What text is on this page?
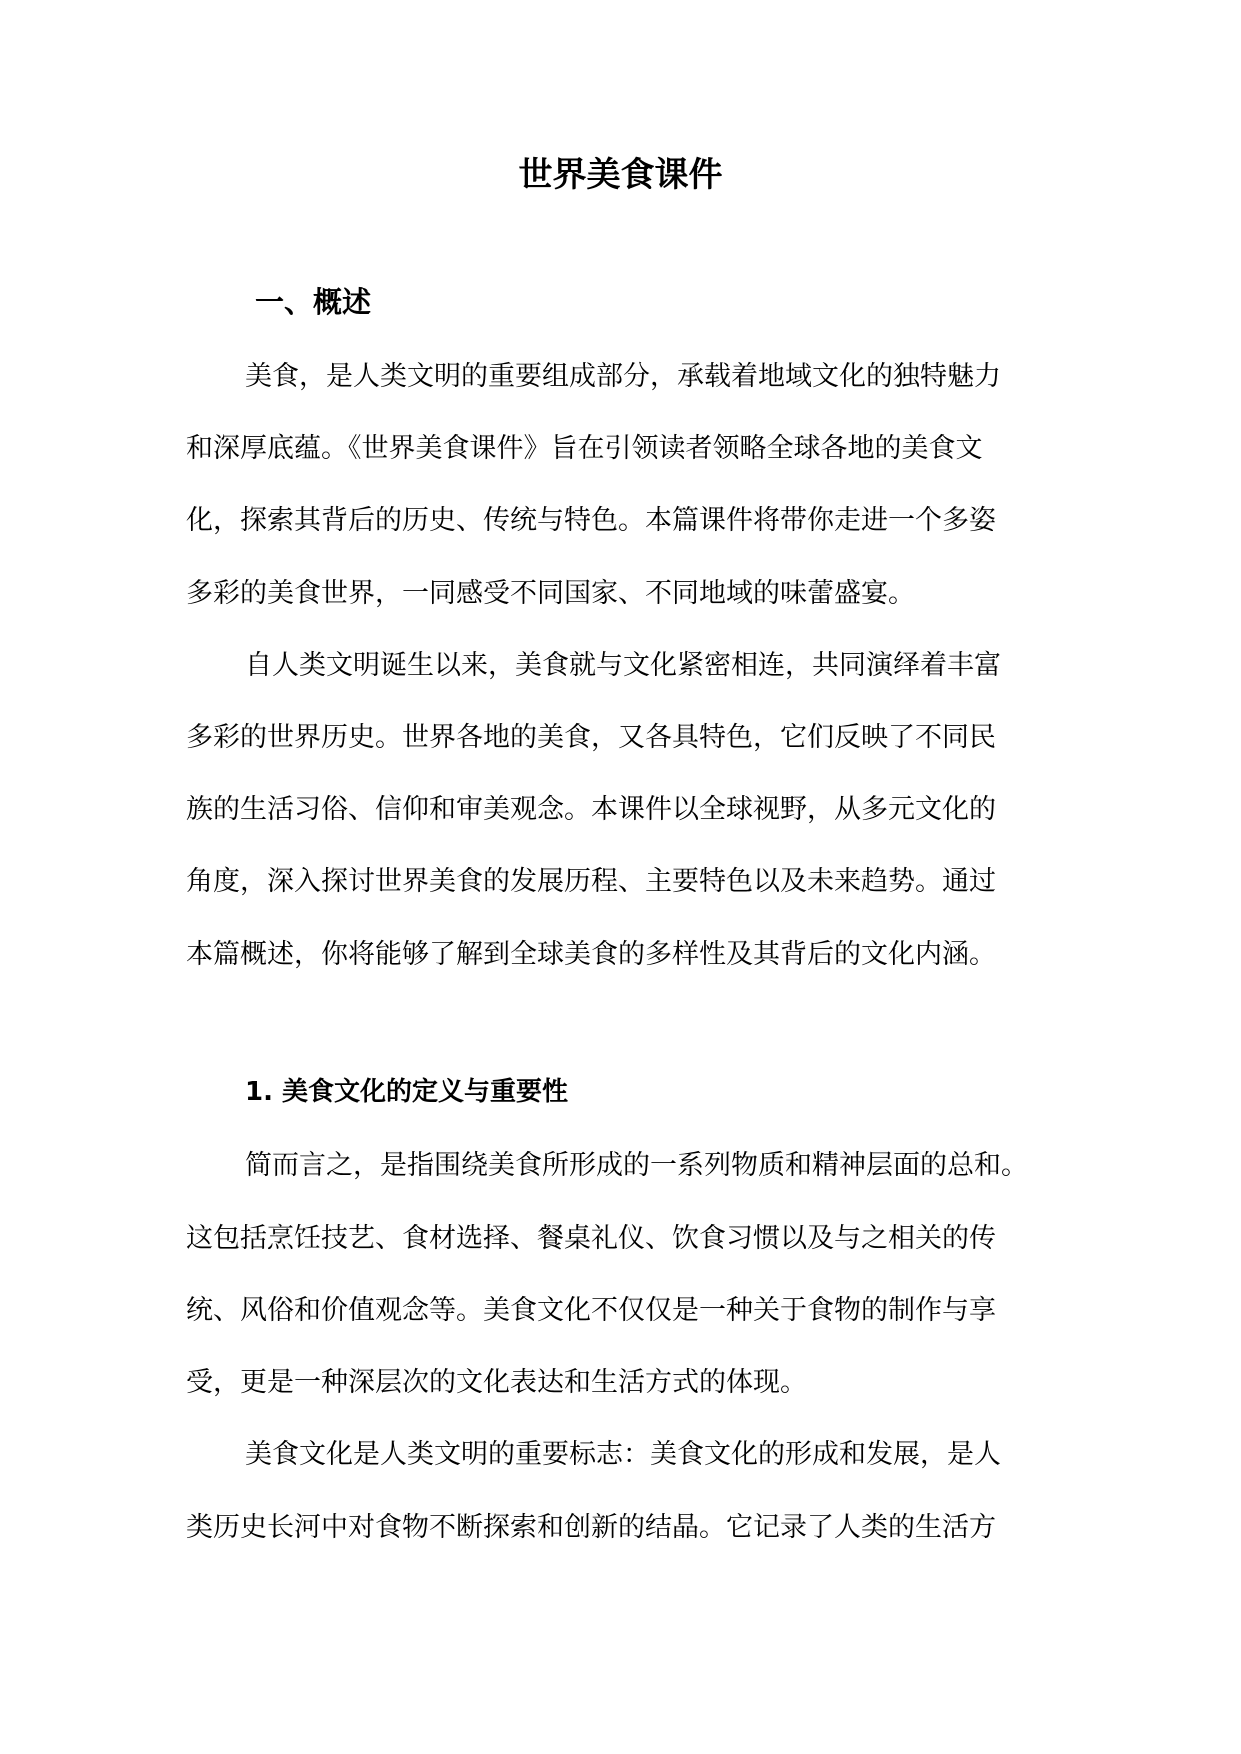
世界美食课件
一、概述

美食，是人类文明的重要组成部分，承载着地域文化的独特魅力

和深厚底蕴。《世界美食课件》旨在引领读者领略全球各地的美食文

化，探索其背后的历史、传统与特色。本篇课件将带你走进一个多姿

多彩的美食世界，一同感受不同国家、不同地域的味蕾盛宴。

自人类文明诞生以来，美食就与文化紧密相连，共同演绎着丰富

多彩的世界历史。世界各地的美食，又各具特色，它们反映了不同民

族的生活习俗、信仰和审美观念。本课件以全球视野，从多元文化的

角度，深入探讨世界美食的发展历程、主要特色以及未来趋势。通过

本篇概述，你将能够了解到全球美食的多样性及其背后的文化内涵。

1. 美食文化的定义与重要性

简而言之，是指围绕美食所形成的一系列物质和精神层面的总和。

这包括烹饪技艺、食材选择、餐桌礼仪、饮食习惯以及与之相关的传

统、风俗和价值观念等。美食文化不仅仅是一种关于食物的制作与享

受，更是一种深层次的文化表达和生活方式的体现。

美食文化是人类文明的重要标志：美食文化的形成和发展，是人

类历史长河中对食物不断探索和创新的结晶。它记录了人类的生活方
